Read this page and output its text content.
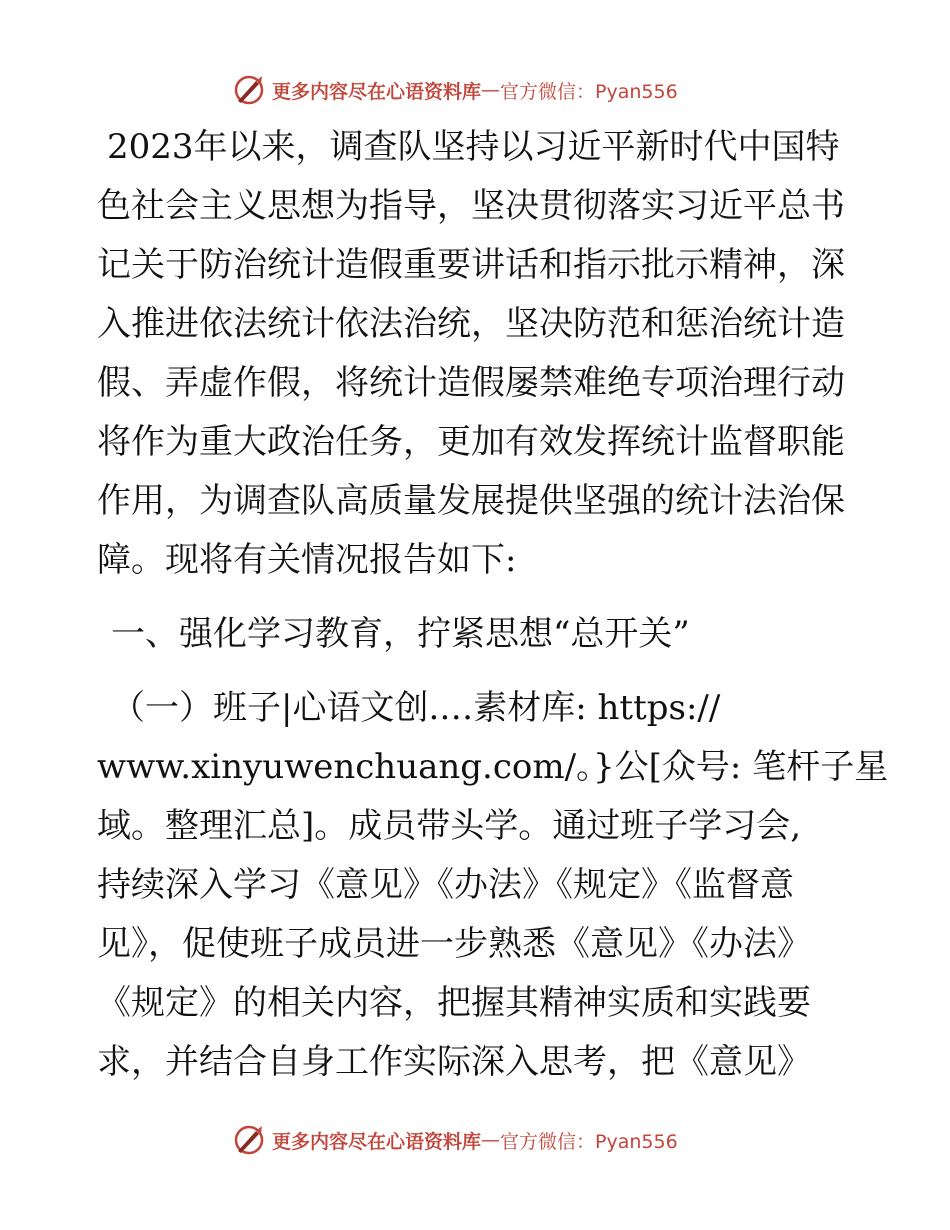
更多内容尽在心语资料库 — 官方微信：Pyan556
2023年以来，调查队坚持以习近平新时代中国特
色社会主义思想为指导，坚决贯彻落实习近平总书
记关于防治统计造假重要讲话和指示批示精神，深
入推进依法统计依法治统，坚决防范和惩治统计造
假、弄虚作假，将统计造假屡禁难绝专项治理行动
将作为重大政治任务，更加有效发挥统计监督职能
作用，为调查队高质量发展提供坚强的统计法治保
障。现将有关情况报告如下:
一、强化学习教育，拧紧思想“总开关”
（一）班子|心语文创.…素材库: https://
www.xinyuwenchuang.com/。}公[众号: 笔杆子星
域。整理汇总]。成员带头学。通过班子学习会,
持续深入学习《意见》《办法》《规定》《监督意
见》，促使班子成员进一步熟悉《意见》《办法》
《规定》的相关内容，把握其精神实质和实践要
求，并结合自身工作实际深入思考，把《意见》
更多内容尽在心语资料库 — 官方微信：Pyan556
